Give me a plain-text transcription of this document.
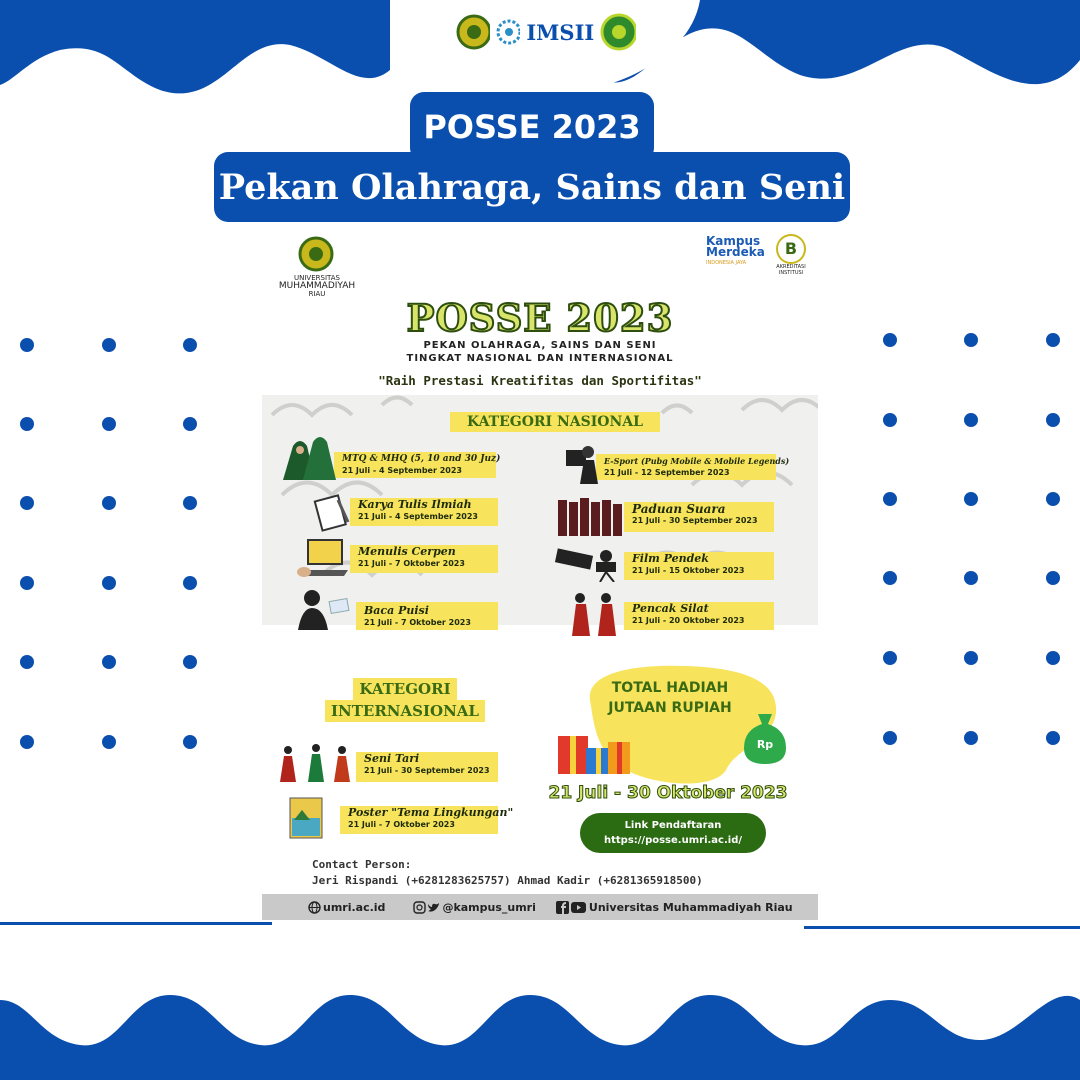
IMSII
POSSE 2023
Pekan Olahraga, Sains dan Seni
UNIVERSITAS
MUHAMMADIYAH
RIAU
Kampus
Merdeka
INDONESIA JAYA
B
AKREDITASI
INSTITUSI
POSSE 2023
PEKAN OLAHRAGA, SAINS DAN SENI
TINGKAT NASIONAL DAN INTERNASIONAL
"Raih Prestasi Kreatifitas dan Sportifitas"
KATEGORI NASIONAL
MTQ & MHQ (5, 10 and 30 Juz)
21 Juli - 4 September 2023
Karya Tulis Ilmiah
21 Juli - 4 September 2023
Menulis Cerpen
21 Juli - 7 Oktober 2023
Baca Puisi
21 Juli - 7 Oktober 2023
E-Sport (Pubg Mobile & Mobile Legends)
21 Juli - 12 September 2023
Paduan Suara
21 Juli - 30 September 2023
Film Pendek
21 Juli - 15 Oktober 2023
Pencak Silat
21 Juli - 20 Oktober 2023
KATEGORI
INTERNASIONAL
Seni Tari
21 Juli - 30 September 2023
Poster "Tema Lingkungan"
21 Juli - 7 Oktober 2023
TOTAL HADIAH
JUTAAN RUPIAH
Rp
21 Juli - 30 Oktober 2023
Link Pendaftaran
https://posse.umri.ac.id/
Contact Person:
Jeri Rispandi (+6281283625757) Ahmad Kadir (+6281365918500)
umri.ac.id	@kampus_umri	Universitas Muhammadiyah Riau
